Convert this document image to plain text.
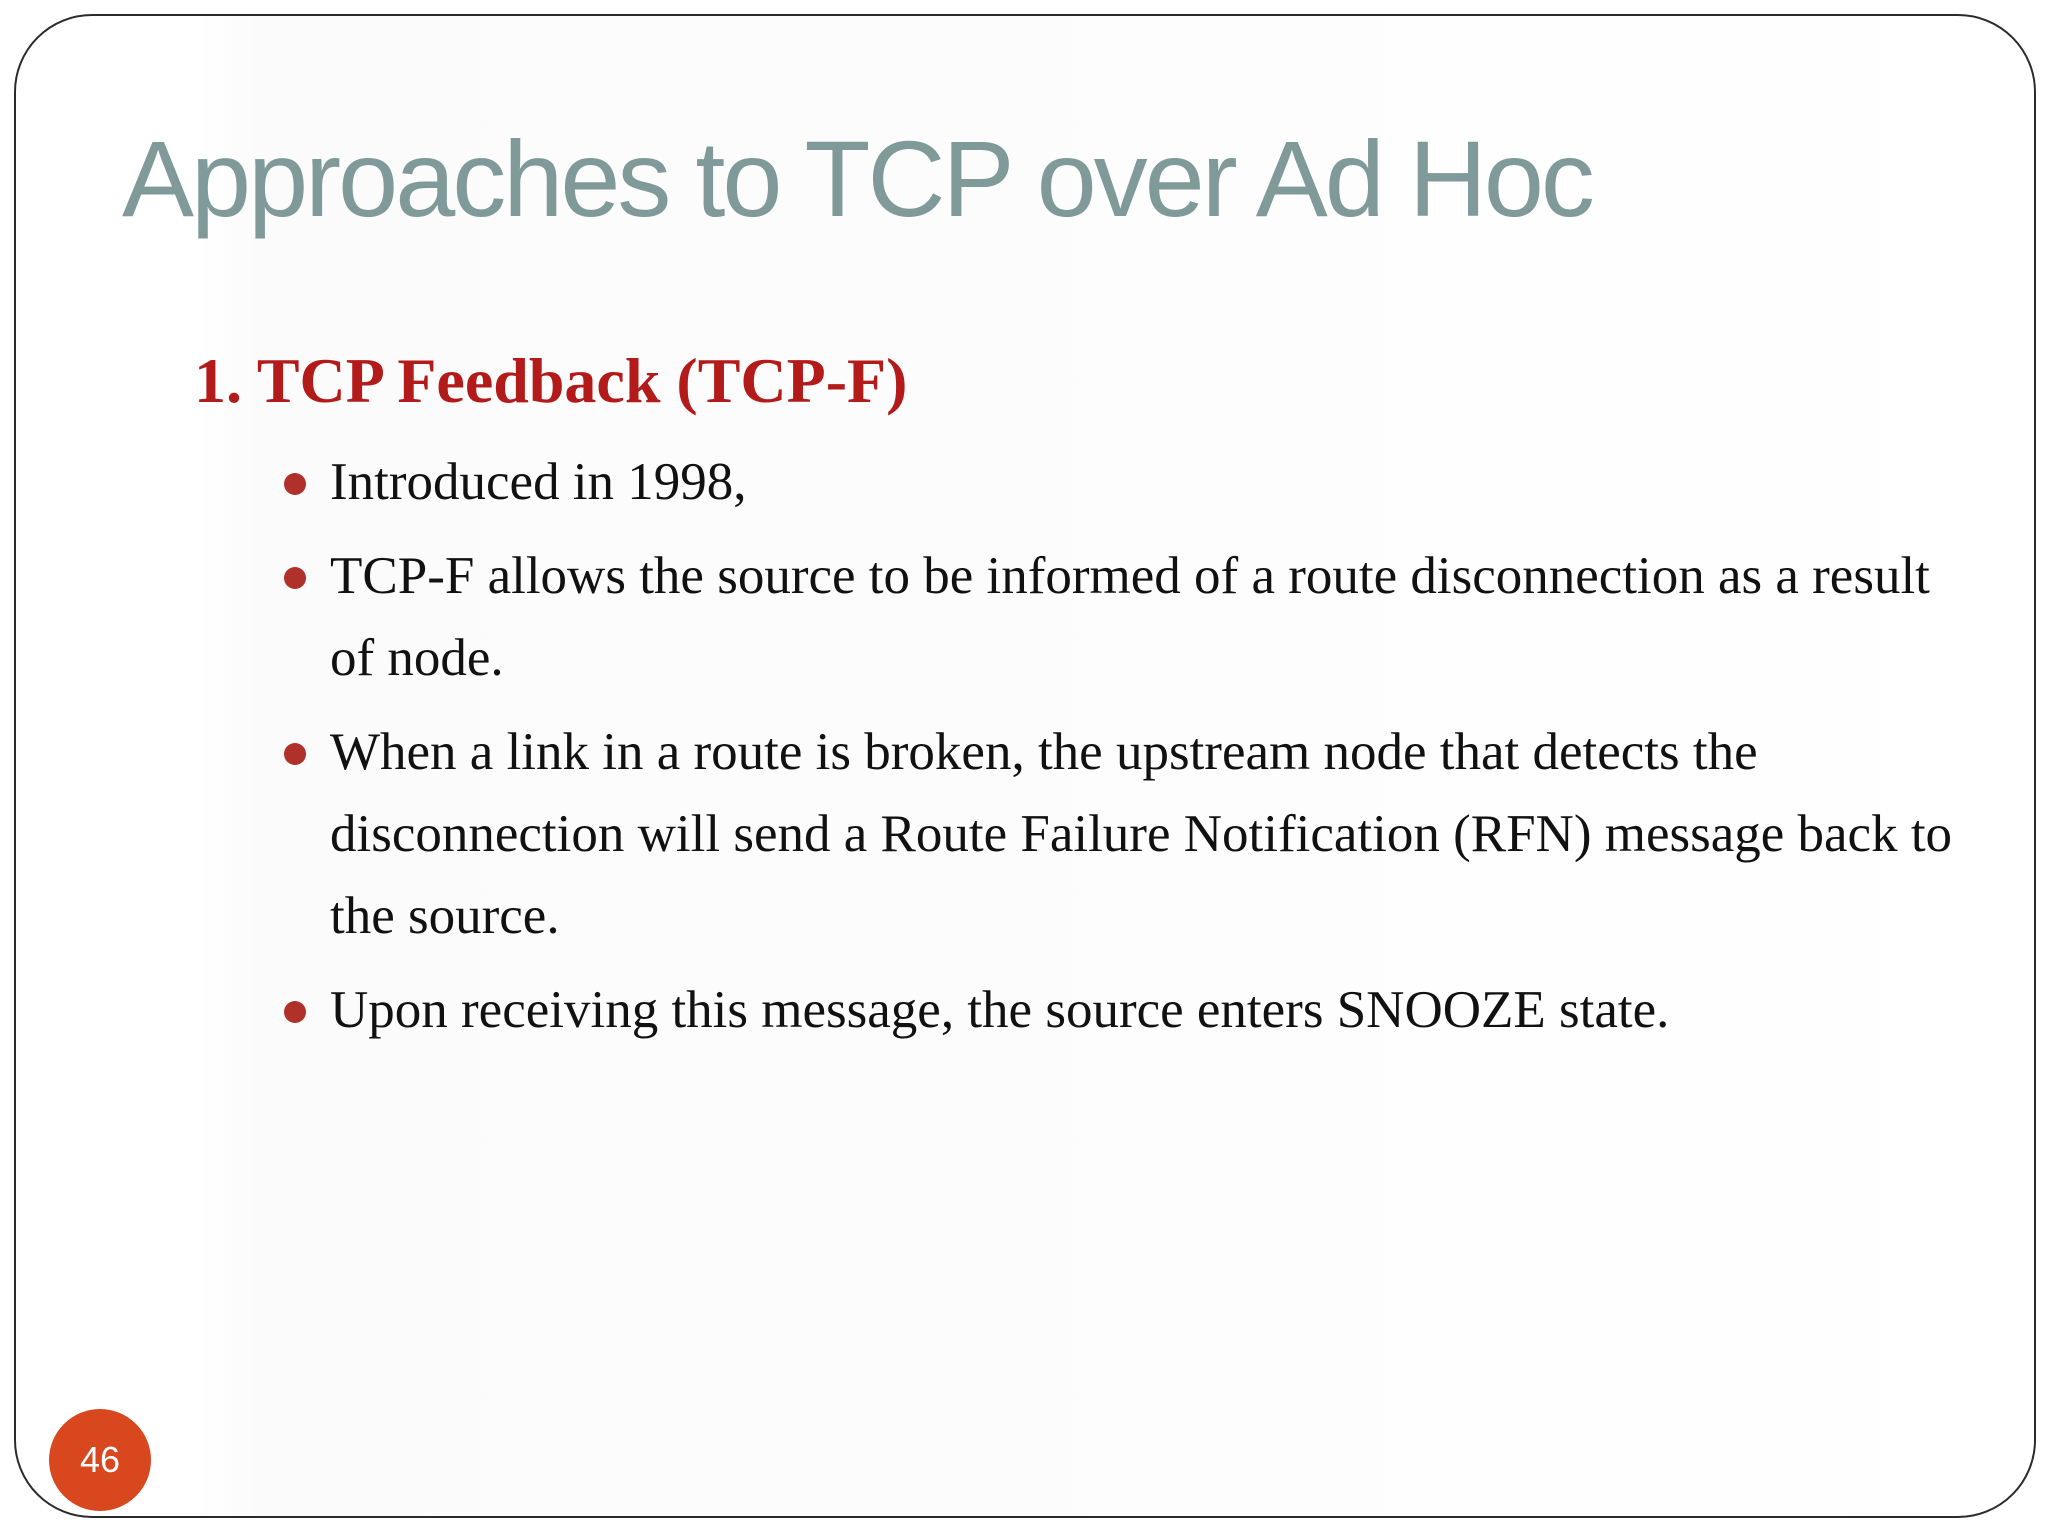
Approaches to TCP over Ad Hoc
1. TCP Feedback (TCP-F)
Introduced in 1998,
TCP-F allows the source to be informed of a route disconnection as a result of node.
When a link in a route is broken, the upstream node that detects the disconnection will send a Route Failure Notification (RFN) message back to the source.
Upon receiving this message, the source enters SNOOZE state.
46
